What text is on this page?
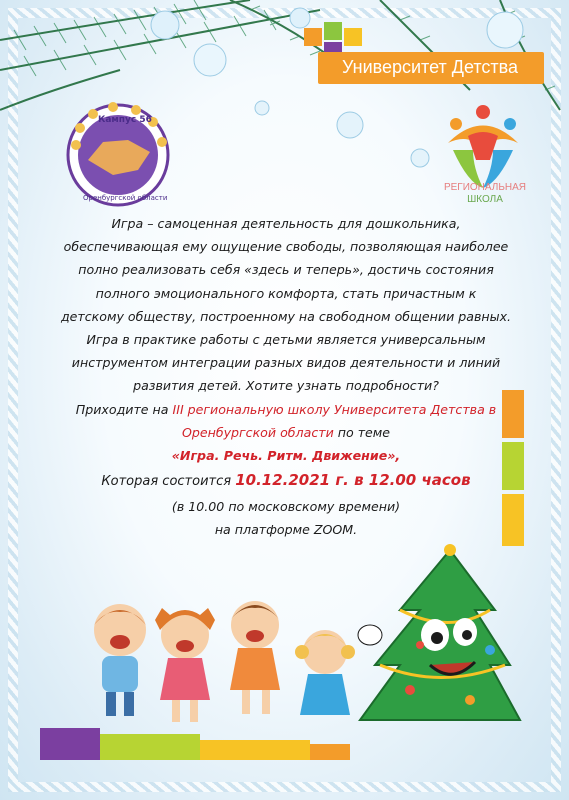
Университет Детства
Кампус 56
Оренбургской области
РЕГИОНАЛЬНАЯ
ШКОЛА

Игра – самоценная деятельность для дошкольника,

обеспечивающая ему ощущение свободы, позволяющая наиболее

полно реализовать себя «здесь и теперь», достичь состояния

полного эмоционального комфорта, стать причастным к

детскому обществу, построенному на свободном общении равных.

Игра в практике работы с детьми является универсальным

инструментом интеграции разных видов деятельности и линий

развития детей. Хотите узнать подробности?

Приходите на III региональную школу Университета Детства в

Оренбургской области по теме

«Игра. Речь. Ритм. Движение»,

Которая состоится 10.12.2021 г. в 12.00 часов

(в 10.00 по московскому времени)

на платформе ZOOM.
